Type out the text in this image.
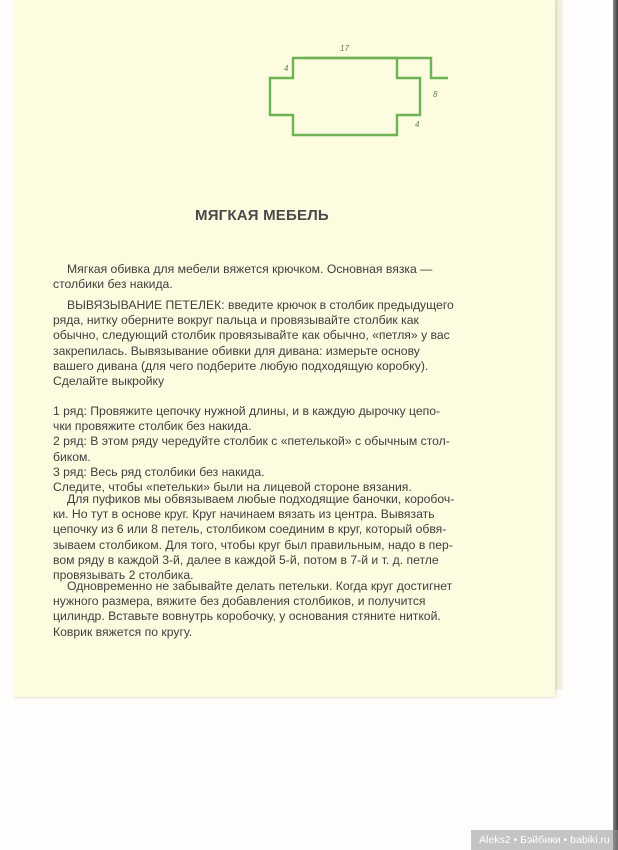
17
4
8
4
МЯГКАЯ МЕБЕЛЬ

Мягкая обивка для мебели вяжется крючком. Основная вязка —
столбики без накида.

ВЫВЯЗЫВАНИЕ ПЕТЕЛЕК: введите крючок в столбик предыдущего
ряда, нитку оберните вокруг пальца и провязывайте столбик как
обычно, следующий столбик провязывайте как обычно, «петля» у вас
закрепилась. Вывязывание обивки для дивана: измерьте основу
вашего дивана (для чего подберите любую подходящую коробку).
Сделайте выкройку

1 ряд: Провяжите цепочку нужной длины, и в каждую дырочку цепо-
чки провяжите столбик без накида.
2 ряд: В этом ряду чередуйте столбик с «петелькой» с обычным стол-
биком.
3 ряд: Весь ряд столбики без накида.
Следите, чтобы «петельки» были на лицевой стороне вязания.

Для пуфиков мы обвязываем любые подходящие баночки, коробоч-
ки. Но тут в основе круг. Круг начинаем вязать из центра. Вывязать
цепочку из 6 или 8 петель, столбиком соединим в круг, который обвя-
зываем столбиком. Для того, чтобы круг был правильным, надо в пер-
вом ряду в каждой 3-й, далее в каждой 5-й, потом в 7-й и т. д. петле
провязывать 2 столбика.

Одновременно не забывайте делать петельки. Когда круг достигнет
нужного размера, вяжите без добавления столбиков, и получится
цилиндр. Вставьте вовнутрь коробочку, у основания стяните ниткой.
Коврик вяжется по кругу.

Aleks2 • Бэйбики • babiki.ru
